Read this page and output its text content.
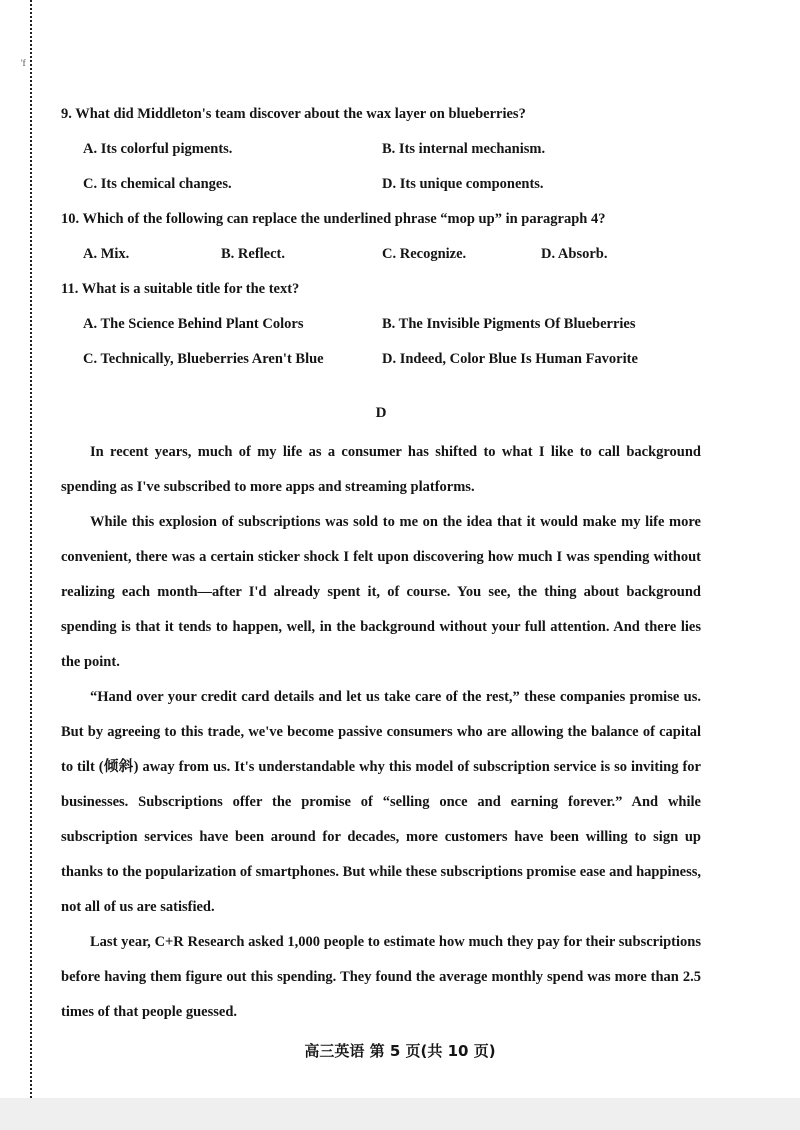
'f
9. What did Middleton's team discover about the wax layer on blueberries?
A. Its colorful pigments.	B. Its internal mechanism.
C. Its chemical changes.	D. Its unique components.
10. Which of the following can replace the underlined phrase “mop up” in paragraph 4?
A. Mix.	B. Reflect.	C. Recognize.	D. Absorb.
11. What is a suitable title for the text?
A. The Science Behind Plant Colors	B. The Invisible Pigments Of Blueberries
C. Technically, Blueberries Aren't Blue	D. Indeed, Color Blue Is Human Favorite
D

In recent years, much of my life as a consumer has shifted to what I like to call background spending as I've subscribed to more apps and streaming platforms.

While this explosion of subscriptions was sold to me on the idea that it would make my life more convenient, there was a certain sticker shock I felt upon discovering how much I was spending without realizing each month—after I'd already spent it, of course. You see, the thing about background spending is that it tends to happen, well, in the background without your full attention. And there lies the point.

“Hand over your credit card details and let us take care of the rest,” these companies promise us. But by agreeing to this trade, we've become passive consumers who are allowing the balance of capital to tilt (倾斜) away from us. It's understandable why this model of subscription service is so inviting for businesses. Subscriptions offer the promise of “selling once and earning forever.” And while subscription services have been around for decades, more customers have been willing to sign up thanks to the popularization of smartphones. But while these subscriptions promise ease and happiness, not all of us are satisfied.

Last year, C+R Research asked 1,000 people to estimate how much they pay for their subscriptions before having them figure out this spending. They found the average monthly spend was more than 2.5 times of that people guessed.

高三英语 第 5 页(共 10 页)
